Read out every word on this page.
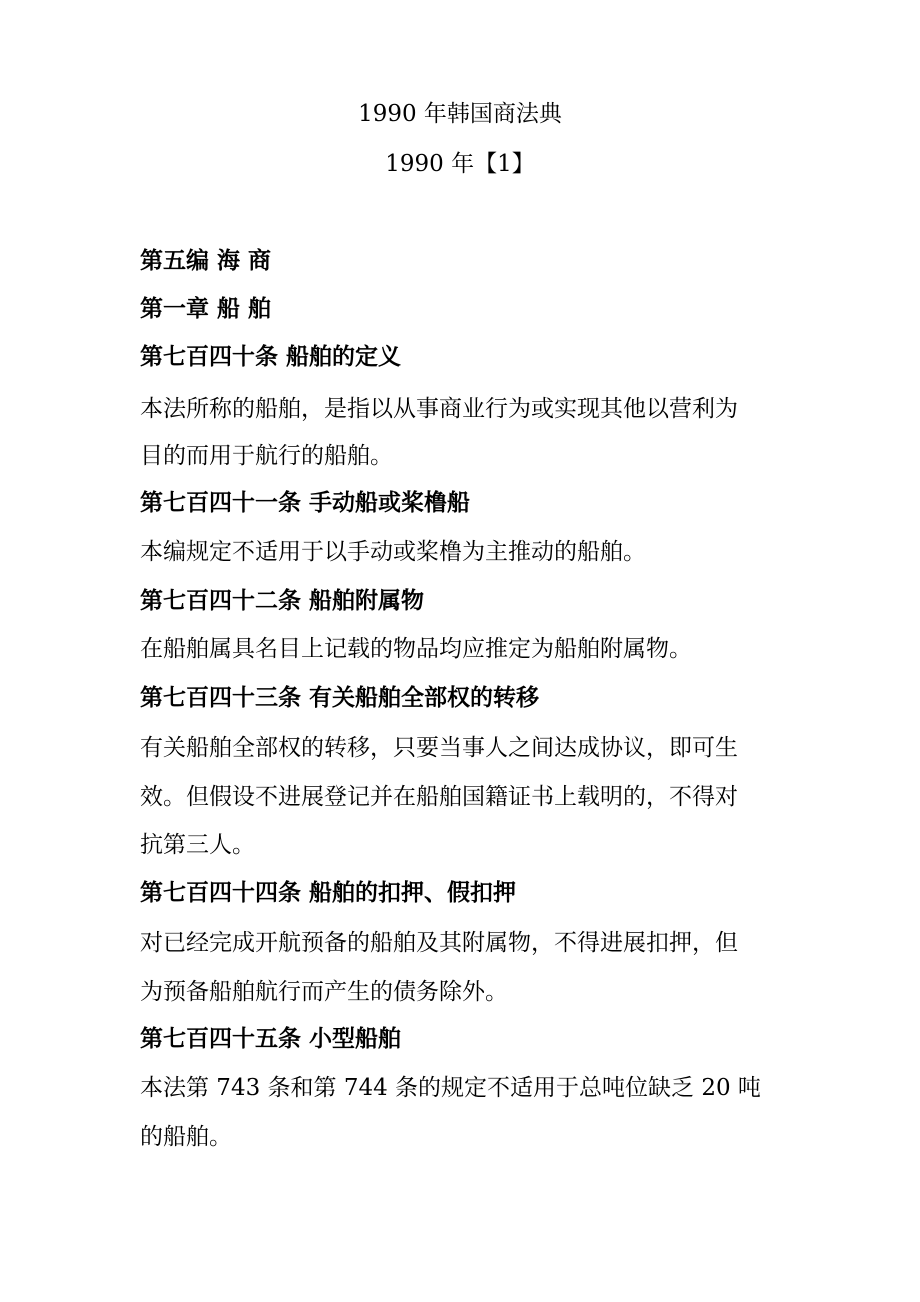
1990 年韩国商法典
1990 年【1】
第五编 海 商
第一章 船 舶
第七百四十条 船舶的定义
本法所称的船舶，是指以从事商业行为或实现其他以营利为
目的而用于航行的船舶。
第七百四十一条 手动船或桨橹船
本编规定不适用于以手动或桨橹为主推动的船舶。
第七百四十二条 船舶附属物
在船舶属具名目上记载的物品均应推定为船舶附属物。
第七百四十三条 有关船舶全部权的转移
有关船舶全部权的转移，只要当事人之间达成协议，即可生
效。但假设不进展登记并在船舶国籍证书上载明的，不得对
抗第三人。
第七百四十四条 船舶的扣押、假扣押
对已经完成开航预备的船舶及其附属物，不得进展扣押，但
为预备船舶航行而产生的债务除外。
第七百四十五条 小型船舶
本法第 743 条和第 744 条的规定不适用于总吨位缺乏 20 吨
的船舶。
